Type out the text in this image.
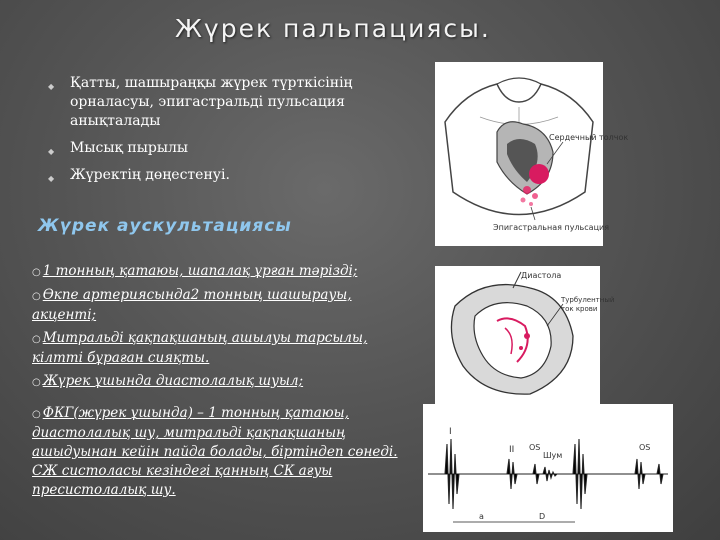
Жүрек пальпациясы.
◆ Қатты, шашыраңқы жүрек түрткісінің орналасуы, эпигастральді пульсация анықталады
◆ Мысық пырылы
◆ Жүректің дөңестенуі.
Жүрек аускультациясы
○ 1 тонның қатаюы, шапалақ ұрған тәрізді;
○ Өкпе артериясында2 тонның шашырауы, акценті;
○ Митральді қақпақшаның ашылуы тарсылы, кілтті бұраған сияқты.
○ Жүрек ұшында диастолалық шуыл;
○ ФКГ(жүрек ұшында) – 1 тонның қатаюы, диастолалық шу, митральді қақпақшаның ашыдуынан кейін пайда болады, біртіндеп сөнеді. СЖ систоласы кезіндегі қанның СК ағуы пресистолалық шу.
Сердечный толчок
Эпигастральная пульсация
Диастола
Турбулентный
ток крови
I
II OS
Шум
OS
a	D
